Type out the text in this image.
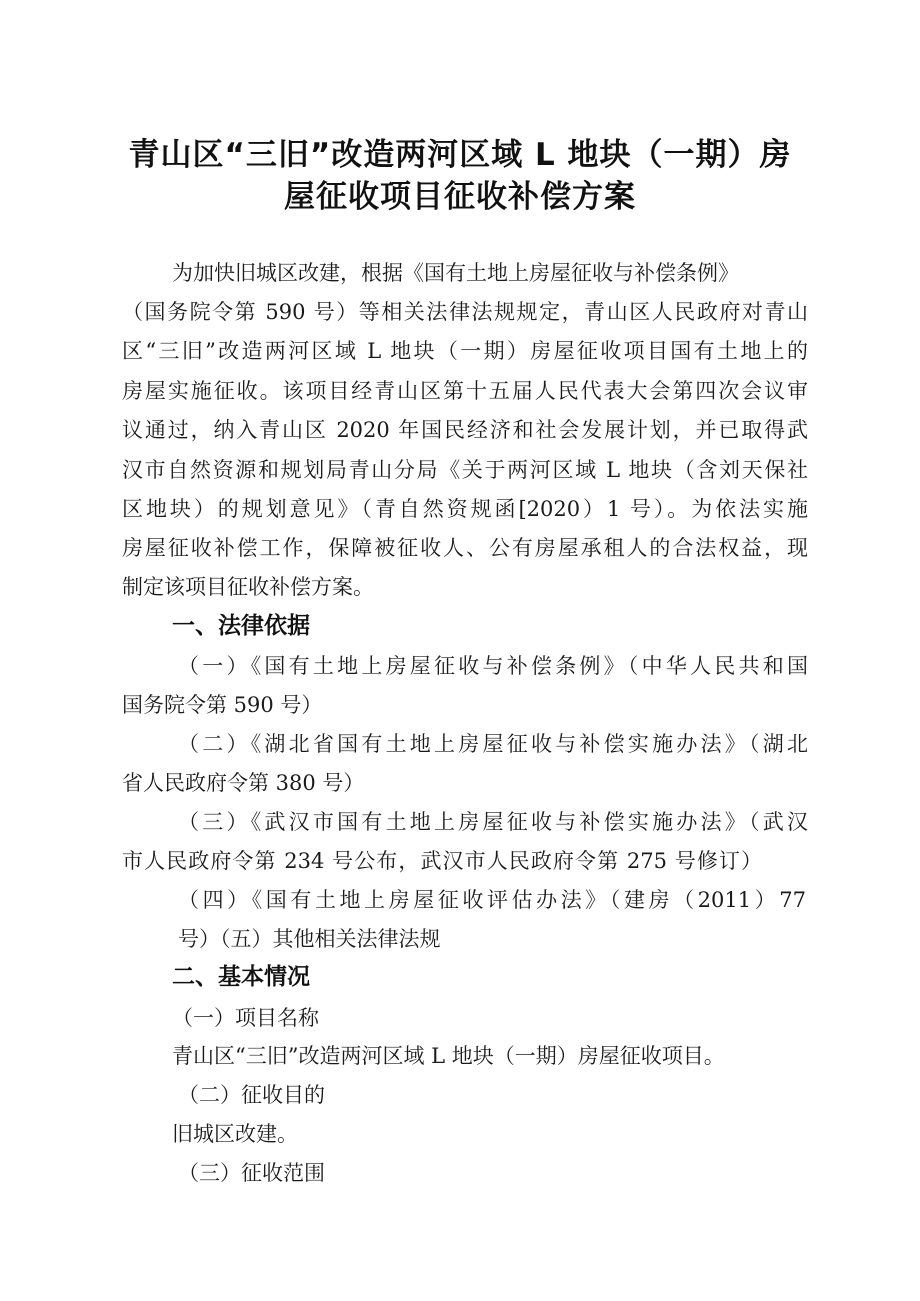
青山区“三旧”改造两河区域 L 地块（一期）房
屋征收项目征收补偿方案
为加快旧城区改建，根据《国有土地上房屋征收与补偿条例》
（国务院令第 590 号）等相关法律法规规定，青山区人民政府对青山
区“三旧”改造两河区域 L 地块（一期）房屋征收项目国有土地上的
房屋实施征收。该项目经青山区第十五届人民代表大会第四次会议审
议通过，纳入青山区 2020 年国民经济和社会发展计划，并已取得武
汉市自然资源和规划局青山分局《关于两河区域 L 地块（含刘天保社
区地块）的规划意见》（青自然资规函[2020）1 号）。为依法实施
房屋征收补偿工作，保障被征收人、公有房屋承租人的合法权益，现
制定该项目征收补偿方案。
一、法律依据
（一）《国有土地上房屋征收与补偿条例》（中华人民共和国
国务院令第 590 号）
（二）《湖北省国有土地上房屋征收与补偿实施办法》（湖北
省人民政府令第 380 号）
（三）《武汉市国有土地上房屋征收与补偿实施办法》（武汉
市人民政府令第 234 号公布，武汉市人民政府令第 275 号修订）
（四）《国有土地上房屋征收评估办法》（建房（2011）77
号）（五）其他相关法律法规
二、基本情况
（一）项目名称
青山区“三旧”改造两河区域 L 地块（一期）房屋征收项目。
（二）征收目的
旧城区改建。
（三）征收范围
